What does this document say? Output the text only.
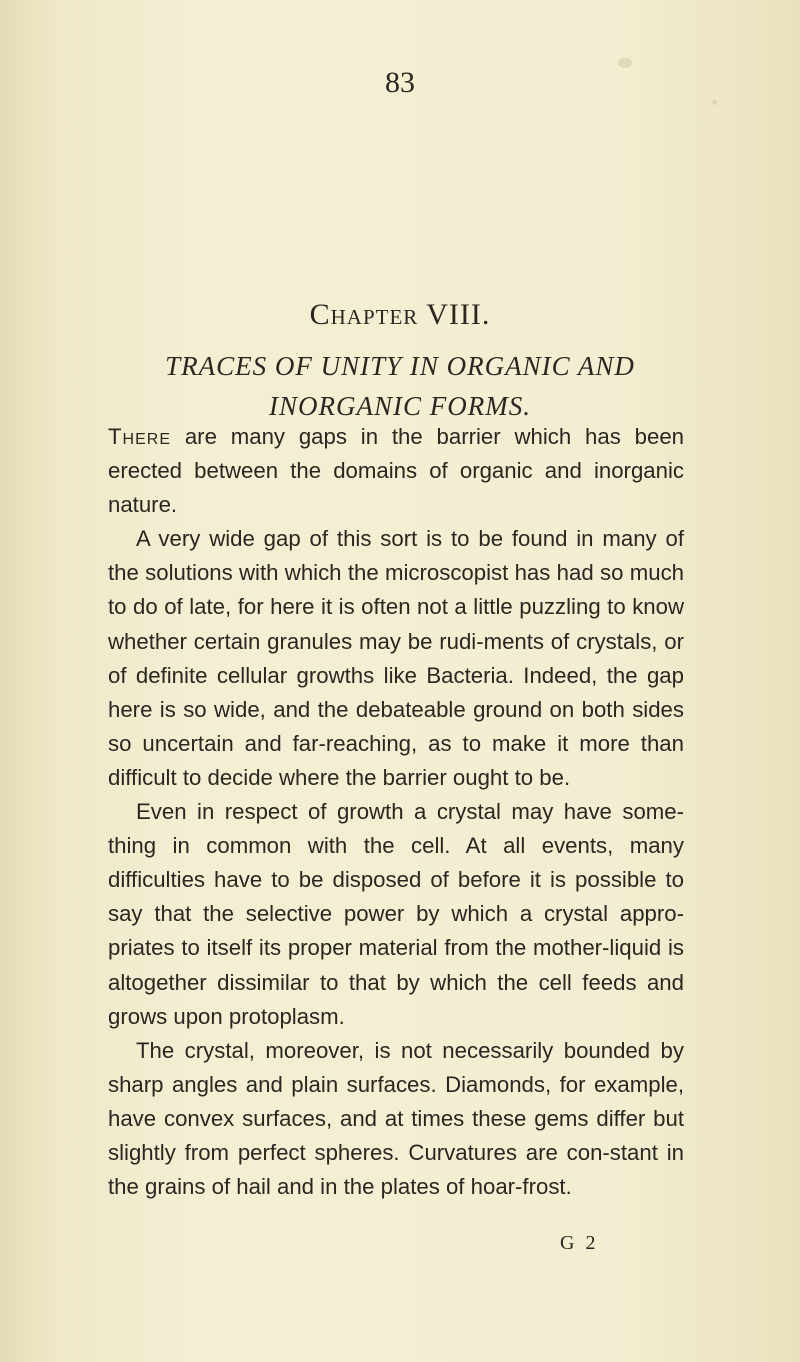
83
Chapter VIII.
TRACES OF UNITY IN ORGANIC AND
INORGANIC FORMS.

There are many gaps in the barrier which has been erected between the domains of organic and inorganic nature.

A very wide gap of this sort is to be found in many of the solutions with which the microscopist has had so much to do of late, for here it is often not a little puzzling to know whether certain granules may be rudi-ments of crystals, or of definite cellular growths like Bacteria. Indeed, the gap here is so wide, and the debateable ground on both sides so uncertain and far-reaching, as to make it more than difficult to decide where the barrier ought to be.

Even in respect of growth a crystal may have some-thing in common with the cell. At all events, many difficulties have to be disposed of before it is possible to say that the selective power by which a crystal appro-priates to itself its proper material from the mother-liquid is altogether dissimilar to that by which the cell feeds and grows upon protoplasm.

The crystal, moreover, is not necessarily bounded by sharp angles and plain surfaces. Diamonds, for example, have convex surfaces, and at times these gems differ but slightly from perfect spheres. Curvatures are con-stant in the grains of hail and in the plates of hoar-frost.

G 2
